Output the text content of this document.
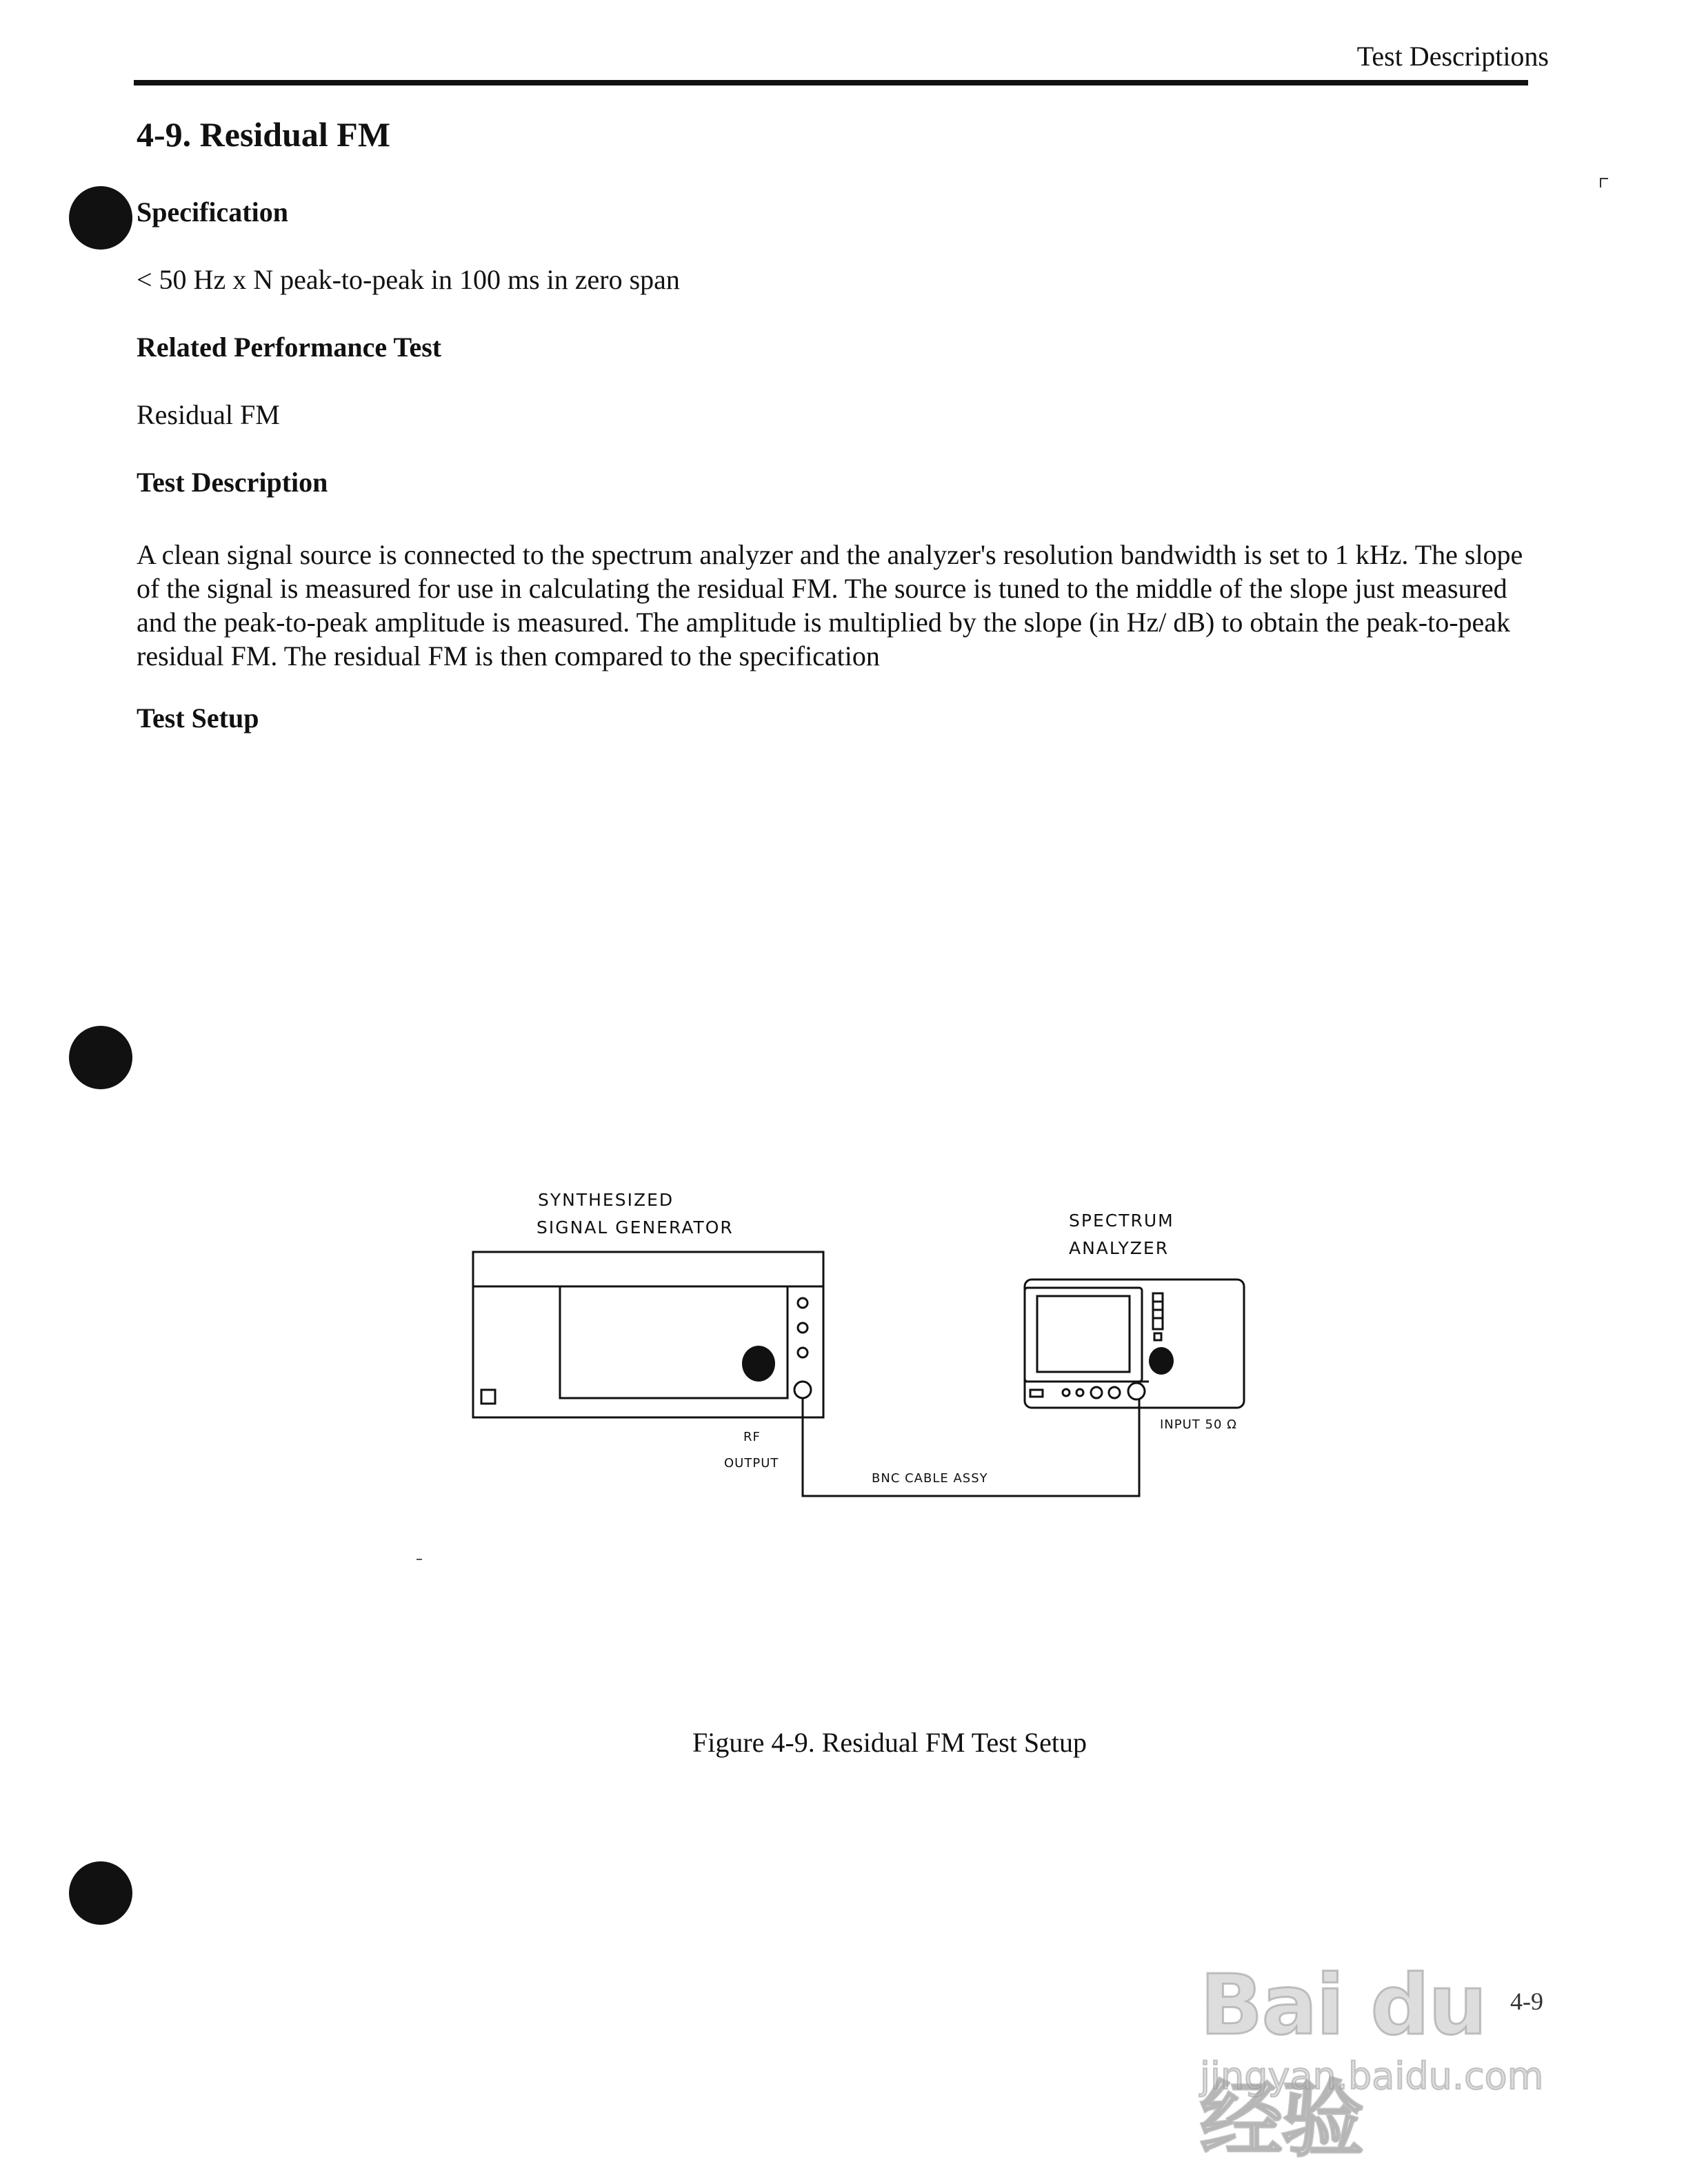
Test Descriptions
4-9. Residual FM
Specification
< 50 Hz x N peak-to-peak in 100 ms in zero span
Related Performance Test
Residual FM
Test Description

A clean signal source is connected to the spectrum analyzer and the analyzer's resolution bandwidth is set to 1 kHz. The slope of the signal is measured for use in calculating the residual FM. The source is tuned to the middle of the slope just measured and the peak-to-peak amplitude is measured. The amplitude is multiplied by the slope (in Hz/ dB) to obtain the peak-to-peak residual FM. The residual FM is then compared to the specification

Test Setup
SYNTHESIZED
SIGNAL GENERATOR	SPECTRUM
ANALYZER
RF
OUTPUT
BNC CABLE ASSY
INPUT 50 Ω
Figure 4-9. Residual FM Test Setup
4-9
Bai du 经验
jingyan.baidu.com
